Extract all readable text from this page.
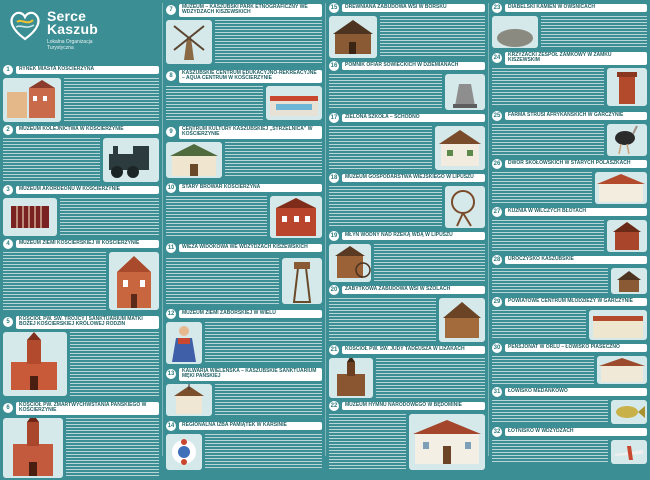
Serce
Kaszub
Lokalna Organizacja
Turystyczna
1	RYNEK MIASTA KOŚCIERZYNA
2	MUZEUM KOLEJNICTWA W KOŚCIERZYNIE
3	MUZEUM AKORDEONU W KOŚCIERZYNIE
4	MUZEUM ZIEMI KOŚCIERSKIEJ W KOŚCIERZYNIE
5
KOŚCIÓŁ PW. ŚW. TRÓJCY I SANKTUARIUM MATKI BOŻEJ KOŚCIERSKIEJ KRÓLOWEJ RODZIN
6
KOŚCIÓŁ PW. ZMARTWYCHWSTANIA PAŃSKIEGO W KOŚCIERZYNIE
7
MUZEUM – KASZUBSKI PARK ETNOGRAFICZNY WE WDZYDZACH KISZEWSKICH
8
KASZUBSKIE CENTRUM EDUKACYJNO-REKREACYJNE – AQUA CENTRUM W KOŚCIERZYNIE
9
CENTRUM KULTURY KASZUBSKIEJ „STRZELNICA” W KOŚCIERZYNIE
10	STARY BROWAR KOŚCIERZYNA
11	WIEŻA WIDOKOWA WE WDZYDZACH KISZEWSKICH
12	MUZEUM ZIEMI ZABORSKIEJ W WIELU
13
KALWARIA WIELEŃSKA – KASZUBSKIE SANKTUARIUM MĘKI PAŃSKIEJ
14	REGIONALNA IZBA PAMIĄTEK W KARSINIE
15	DREWNIANA ZABUDOWA WSI W BORSKU
16	POMNIK OFIAR SOWIECKICH W DZIEMIANACH
17	ZIELONA SZKOŁA – SCHODNO
18	MUZEUM GOSPODARSTWA WIEJSKIEGO W LIPUSZU
19	MŁYN WODNY NAD RZEKĄ WDĄ W LIPUSZU
20	ZABYTKOWA ZABUDOWA WSI W SZOLACH
21	KOŚCIÓŁ PW. ŚW. JUDY TADEUSZA W LIZAKACH
22	MUZEUM HYMNU NARODOWEGO W BĘDOMINIE
23	DIABELSKI KAMIEŃ W OWŚNICACH
24
KRZYŻACKI ZESPÓŁ ZAMKOWY W ZAMKU KISZEWSKIM
25	FARMA STRUSI AFRYKAŃSKICH W GARCZYNIE
26	DWÓR SKOŁOWSKICH W STARYCH POLASZKACH
27	KUŹNIA W WILCZYCH BŁOTACH
28	UROCZYSKO KASZUBSKIE
29	POWIATOWE CENTRUM MŁODZIEŻY W GARCZYNIE
30	PENSJONAT W ORLU – ŁOWISKO PIASECZNO
31	ŁOWISKO MEDANKOWO
32	ŁOTNISKO W WDZYDZACH
